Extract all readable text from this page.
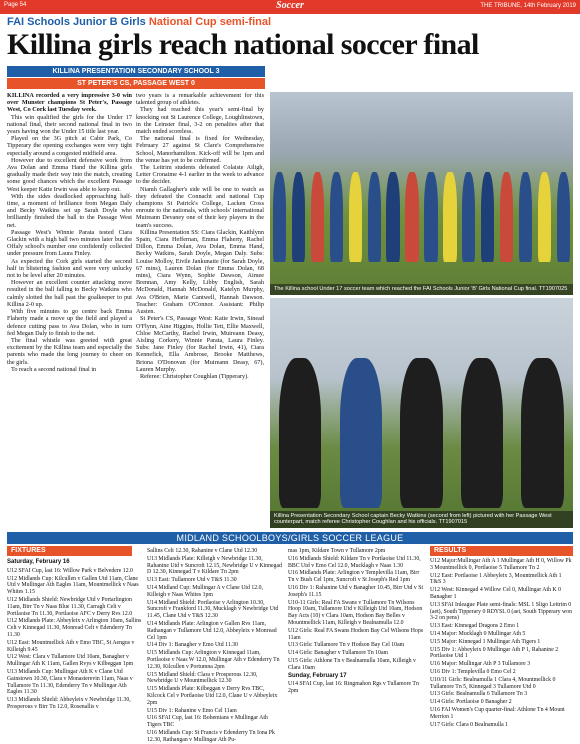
Page 54	Soccer	THE TRIBUNE, 14th February 2019
FAI Schools Junior B Girls National Cup semi-final
Killina girls reach national soccer final
KILLINA PRESENTATION SECONDARY SCHOOL 3
ST PETER'S CS, PASSAGE WEST 0

KILLINA recorded a very impressive 3-0 win over Munster champions St Peter's, Passage West, Co Cork last Tuesday week.

This win qualified the girls for the Under 17 national final, their second national final in two years having won the Under 15 title last year.

Played on the 3G pitch at Cabir Park, Co Tipperary the opening exchanges were very tight especially around a congested midfield area.

However due to excellent defensive work from Ava Dolan and Emma Hand the Killina girls gradually made their way into the match, creating some good chances which the excellent Passage West keeper Katie Irwin was able to keep out.

With the sides deadlocked approaching half-time, a moment of brilliance from Megan Daly and Becky Watkins set up Sarah Doyle who brilliantly finished the ball to the Passage West net.

Passage West's Winnie Parata tested Ciara Glackin with a high ball two minutes later but the Offaly school's number one confidently collected under pressure from Laura Finley.

As expected the Cork girls started the second half in blistering fashion and were very unlucky not to be level after 20 minutes.

However an excellent counter attacking move resulted in the ball falling to Becky Watkins who calmly slotted the ball past the goalkeeper to put Killina 2-0 up.

With five minutes to go centre back Emma Flaherty made a move up the field and played a defence cutting pass to Ava Dolan, who in turn fed Megan Daly to finish to the net.

The final whistle was greeted with great excitement by the Killina team and especially the parents who made the long journey to cheer on the girls.

To reach a second national final in

two years is a remarkable achievement for this talented group of athletes.

They had reached this year's semi-final by knocking out St Laurence College, Loughlinstown, in the Leinster final, 3-2 on penalties after that match ended scoreless.

The national final is fixed for Wednesday, February 27 against St Clare's Comprehensive School, Manorhamilton. Kick-off will be 1pm and the venue has yet to be confirmed.

The Leitrim students defeated Colaiste Ailigh, Letter Cronaime 4-1 earlier in the week to advance to the decider.

Niamh Gallagher's side will be one to watch as they defeated the Connacht and national Cup champions St Patrick's College, Lacken Cross enroute to the nationals, with schools' international Muireann Devaney one of their key players in the team's success.

Killina Presentation SS: Ciara Glackin, Kaithlynn Spain, Ciara Heffernan, Emma Flaherty, Rachel Dillon, Emma Dolan, Ava Dolan, Emma Hand, Becky Watkins, Sarah Doyle, Megan Daly. Subs: Louise Molloy, Eivile Jankunaite (for Sarah Doyle, 67 mins), Lauren Dolan (for Emma Dolan, 68 mins), Ciara Wynn, Sophie Dawson, Aimee Brennan, Amy Kelly, Libby English, Sarah McDonald, Hannah McDonald, Katelyn Murphy, Ava O'Brien, Marie Cantwell, Hannah Dawson. Teacher: Graham O'Connor. Assistant: Philip Austen.

St Peter's CS, Passage West: Katie Irwin, Sinead O'Flynn, Aine Higgins, Hollie Tett, Ellie Maxwell, Chloe McCarthy, Rachel Irwin, Muireann Deasy, Aisling Corkery, Winnie Parata, Laura Finley. Subs: Jane Finley (for Rachel Irwin, 41), Ciara Kennefick, Ella Ambrose, Brooke Matthews, Briona O'Donovan (for Muireann Deasy, 67), Lauren Murphy.

Referee: Christopher Coughlan (Tipperary).

The Killina school Under 17 soccer team which reached the FAI Schools Junior 'B' Girls National Cup final. TT1907025
Killina Presentation Secondary School captain Becky Watkins (second from left) pictured with her Passage West counterpart, match referee Christopher Coughlan and his officials. TT1907015
MIDLAND SCHOOLBOYS/GIRLS SOCCER LEAGUE
FIXTURES	RESULTS

Saturday, February 16

U12 SFAI Cup, last 16: Willow Park v Belvedere 12.0

U12 Midlands Cup: Kilcullen v Gallen Utd 11am, Clane Utd v Mullingar Ath Eagles 11am, Mountmellick v Naas Whites 1.15

U12 Midlands Shield: Newbridge Utd v Portarlington 11am, Birr Tn v Naas Blue 11.30, Carragh Celt v Portlaoise Tn 11.30, Portlaoise AFC v Derry Rvs 12.0

U12 Midlands Plate: Abbeyleix v Arlington 10am, Sallins Celt v Kinnegad 11.30, Monread Celt v Edenderry Tn 11.30

U12 East: Mountmellick Ath v Emo TBC, St Aengus v Killeigh 9.45

U12 West: Clara v Tullamore Utd 10am, Banagher v Mullingar Ath K 11am, Gallen Rvys v Kilbeggan 1pm

U13 Midlands Cup: Mullingar Ath K v Clane Utd Gainstown 10.30, Clara v Monasterevin 11am, Naas v Tullamore Tn 11.30, Edenderry Tn v Mullingar Ath Eagles 11.30

U13 Midlands Shield: Abbeyleix v Newbridge 11.30, Prosperous v Birr Tn 12.0, Rosenallis v

Sallins Celt 12.30, Rahanine v Clane Utd 12.30

U13 Midlands Plate: Killeigh v Newbridge 11.30, Rahanine Utd v Suncroft 12.15, Newbridge U v Kinnegad D 12.30, Kinnegad T v Kildare Tn 2pm

U13 East: Tullamore Utd v T&S 11.30

U14 Midland Cup: Mullingar A v Clane Utd 12.0, Killeigh v Naas Whites 1pm

U14 Midland Shield: Portlaoise v Arlington 10.30, Suncroft v Frankford 11.30, Mucklagh v Newbridge Utd 11.45, Clane Utd v T&S 12.30

U14 Midlands Plate: Arlington v Gallen Rvs 11am, Rathangan v Tullamore Utd 12.0, Abbeyleix v Monread Cel 1pm

U14 Div 1: Banagher v Emo Utd 11.30

U15 Midlands Cup: Arlington v Kinnegad 11am, Portlaoise v Naas W 12.0, Mullingar Ath v Edenderry Tn 12.30, Kilcullen v Portumna 2pm

U15 Midland Shield: Clara v Prosperous 12.30, Newbridge U v Mountmellick 12.30

U15 Midlands Plate: Kilbeggan v Derry Rvs TBC, Kilcock Cel v Portlaoise Utd 12.0, Clane U v Abbeyleix 2pm

U15 Div 1: Rahanine v Emo Cel 11am

U16 SFAI Cup, last 16: Bohemians v Mullingar Ath Tigers TBC

U16 Midlands Cup: St Francis v Edenderry Tn Iona Pk 12.30, Rathangan v Mullingar Ath Pu-

mas 1pm, Kildare Town v Tullamore 2pm

U16 Midlands Shield: Kildare Tn v Portlaoise Utd 11.30, BBC Utd v Emo Cel 12.0, Mucklagh v Naas 1.30

U16 Midlands Plate: Arlington v Templevilla 11am, Birr Tn v Bush Cel 1pm, Suncroft v St Joseph's Red 1pm

U16 Div 1: Rahanine Utd v Banagher 10.45, Birr Utd v St Joseph's 11.15

U10-11 Girls: Real FA Swans v Tullamore Tn Wilsons Hoop 10am, Tullamore Utd v Killeigh Utd 10am, Hodson Bay Acts (10) v Clara 10am, Hodson Bay Belles v Mountmellick 11am, Killeigh v Bealnamulla 12.0

U12 Girls: Real FA Swans Hodson Bay Cel Wilsons Hops 11am

U13 Girls: Tullamore Tn v Hodson Bay Cel 10am

U14 Girls: Banagher v Tullamore Tn 10am

U15 Girls: Athlone Tn v Bealnamulla 10am, Killeigh v Clara 10am

Sunday, February 17

U14 SFAI Cup, last 16: Ringmahon Rgs v Tullamore Tn 2pm

U12 Major:Mullingar Ath A 1 Mullingar Ath H 0, Willow Pk 3 Mountmellick 0, Portlaoise 5 Tullamore Tn 2

U12 East: Portlaoise 1 Abbeyleix 3, Mountmellick Ath 1 T&S 3

U12 West: Kinnegad 4 Willow Cel 0, Mullingar Ath K 0 Banagher 1

U13 SFAI Inleague Plate semi-finals: MSL 1 Sligo Leitrim 0 (aet), South Tipperary 0 RDYSL 0 (aet, South Tipperary won 3-2 on pens)

U13 East: Kinnegad Dragons 2 Emo 1

U14 Major: Mucklagh 0 Mullingar Ath 5

U15 Major: Kinnegad 1 Mullingar Ath Tigers 1

U15 Div 1: Abbeyleix 0 Mullingar Ath P 1, Rahanine 2 Portlaoise Utd 1

U16 Major: Mullingar Ath P 3 Tullamore 3

U16 Div 1: Templevilla 0 Emo Cel 2

U10/11 Girls: Bealnamulla 1 Clara 4, Mountmellick 0 Tullamore Tn 5, Kinnegad 3 Tullamore Utd 0

U13 Girls: Bealnamulla 6 Tullamore Tn 3

U14 Girls: Portlaoise 0 Banagher 2

U16 FAI Women's Cup quarter-final: Athlone Tn 4 Mount Merrion 1

U17 Girls: Clara 0 Bealnamulla 1
